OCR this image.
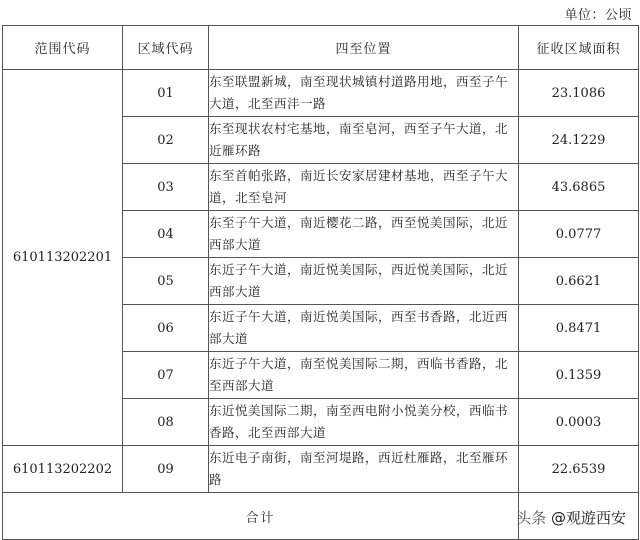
单位：公顷
范围代码	区域代码	四至位置	征收区域面积
610113202201	01	东至联盟新城，南至现状城镇村道路用地，西至子午大道，北至西沣一路	23.1086
	02	东至现状农村宅基地，南至皂河，西至子午大道，北近雁环路	24.1229
	03	东至首帕张路，南近长安家居建材基地，西至子午大道，北至皂河	43.6865
	04	东至子午大道，南近樱花二路，西至悦美国际，北近西部大道	0.0777
	05	东近子午大道，南近悦美国际，西近悦美国际，北近西部大道	0.6621
	06	东近子午大道，南近悦美国际，西至书香路，北近西部大道	0.8471
	07	东近子午大道，南至悦美国际二期，西临书香路，北至西部大道	0.1359
	08	东近悦美国际二期，南至西电附小悦美分校，西临书香路，北至西部大道	0.0003
610113202202	09	东近电子南街，南至河堤路，西近杜雁路，北至雁环路	22.6539
合计				头条 @观遊西安
